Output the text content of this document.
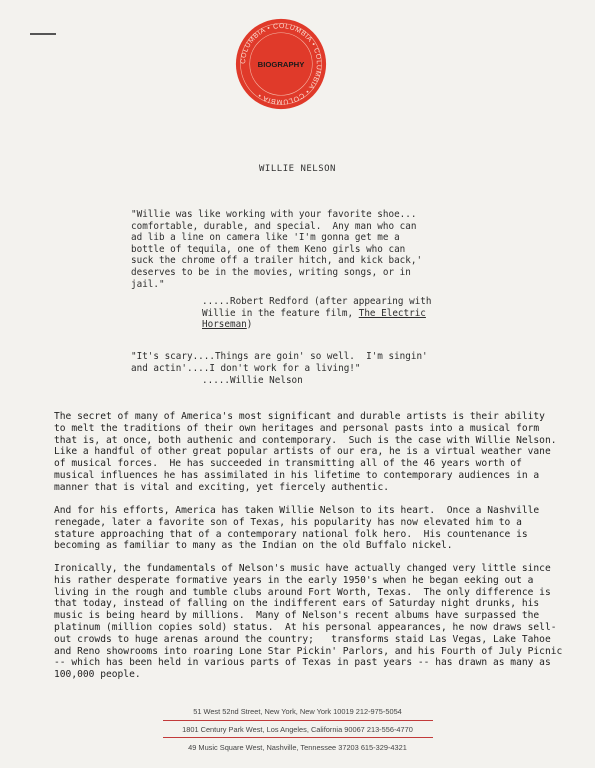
COLUMBIA • COLUMBIA • COLUMBIA • COLUMBIA •
BIOGRAPHY
WILLIE NELSON
"Willie was like working with your favorite shoe...
comfortable, durable, and special.  Any man who can
ad lib a line on camera like 'I'm gonna get me a
bottle of tequila, one of them Keno girls who can
suck the chrome off a trailer hitch, and kick back,'
deserves to be in the movies, writing songs, or in
jail."
.....Robert Redford (after appearing with
Willie in the feature film, The Electric
Horseman)
"It's scary....Things are goin' so well.  I'm singin'
and actin'....I don't work for a living!"
.....Willie Nelson
The secret of many of America's most significant and durable artists is their ability
to melt the traditions of their own heritages and personal pasts into a musical form
that is, at once, both authenic and contemporary.  Such is the case with Willie Nelson.
Like a handful of other great popular artists of our era, he is a virtual weather vane
of musical forces.  He has succeeded in transmitting all of the 46 years worth of
musical influences he has assimilated in his lifetime to contemporary audiences in a
manner that is vital and exciting, yet fiercely authentic.
And for his efforts, America has taken Willie Nelson to its heart.  Once a Nashville
renegade, later a favorite son of Texas, his popularity has now elevated him to a
stature approaching that of a contemporary national folk hero.  His countenance is
becoming as familiar to many as the Indian on the old Buffalo nickel.
Ironically, the fundamentals of Nelson's music have actually changed very little since
his rather desperate formative years in the early 1950's when he began eeking out a
living in the rough and tumble clubs around Fort Worth, Texas.  The only difference is
that today, instead of falling on the indifferent ears of Saturday night drunks, his
music is being heard by millions.  Many of Nelson's recent albums have surpassed the
platinum (million copies sold) status.  At his personal appearances, he now draws sell-
out crowds to huge arenas around the country;   transforms staid Las Vegas, Lake Tahoe
and Reno showrooms into roaring Lone Star Pickin' Parlors, and his Fourth of July Picnic
-- which has been held in various parts of Texas in past years -- has drawn as many as
100,000 people.
51 West 52nd Street, New York, New York 10019 212-975-5054
1801 Century Park West, Los Angeles, California 90067 213-556-4770
49 Music Square West, Nashville, Tennessee 37203 615-329-4321
